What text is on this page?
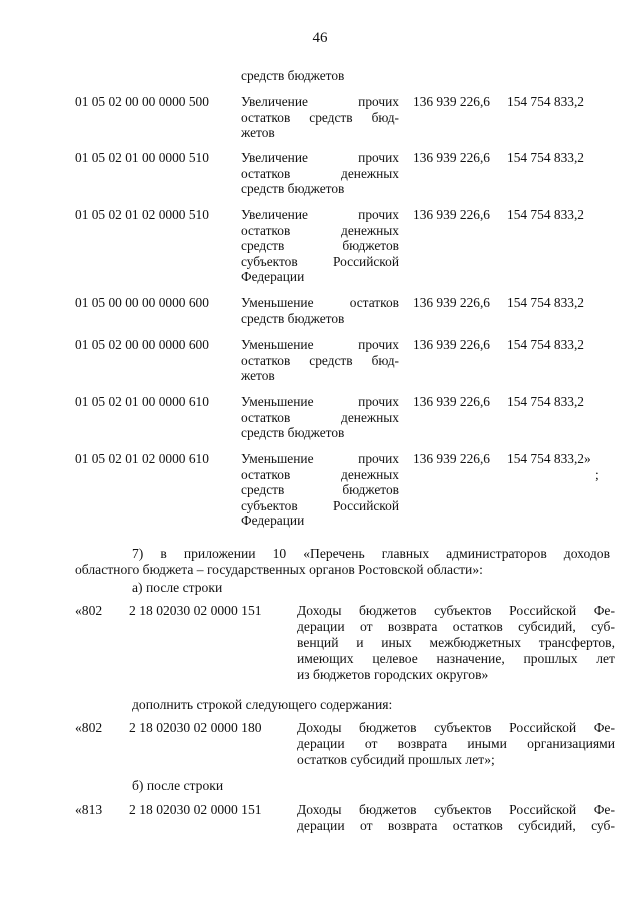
46
средств бюджетов
01 05 02 00 00 0000 500	Увеличение прочих
остатков средств бюд-
жетов
136 939 226,6 154 754 833,2
01 05 02 01 00 0000 510	Увеличение прочих
остатков денежных
средств бюджетов
136 939 226,6 154 754 833,2
01 05 02 01 02 0000 510	Увеличение прочих
остатков денежных
средств бюджетов
субъектов Российской
Федерации
136 939 226,6 154 754 833,2
01 05 00 00 00 0000 600	Уменьшение остатков
средств бюджетов
136 939 226,6 154 754 833,2
01 05 02 00 00 0000 600	Уменьшение прочих
остатков средств бюд-
жетов
136 939 226,6 154 754 833,2
01 05 02 01 00 0000 610	Уменьшение прочих
остатков денежных
средств бюджетов
136 939 226,6 154 754 833,2
01 05 02 01 02 0000 610	Уменьшение прочих
остатков денежных
средств бюджетов
субъектов Российской
Федерации
136 939 226,6 154 754 833,2»
;
7) в приложении 10 «Перечень главных администраторов доходов
областного бюджета – государственных органов Ростовской области»:
а) после строки
«802 2 18 02030 02 0000 151	Доходы бюджетов субъектов Российской Фе-
дерации от возврата остатков субсидий, суб-
венций и иных межбюджетных трансфертов,
имеющих целевое назначение, прошлых лет
из бюджетов городских округов»
дополнить строкой следующего содержания:
«802 2 18 02030 02 0000 180	Доходы бюджетов субъектов Российской Фе-
дерации от возврата иными организациями
остатков субсидий прошлых лет»;
б) после строки
«813 2 18 02030 02 0000 151	Доходы бюджетов субъектов Российской Фе-
дерации от возврата остатков субсидий, суб-
